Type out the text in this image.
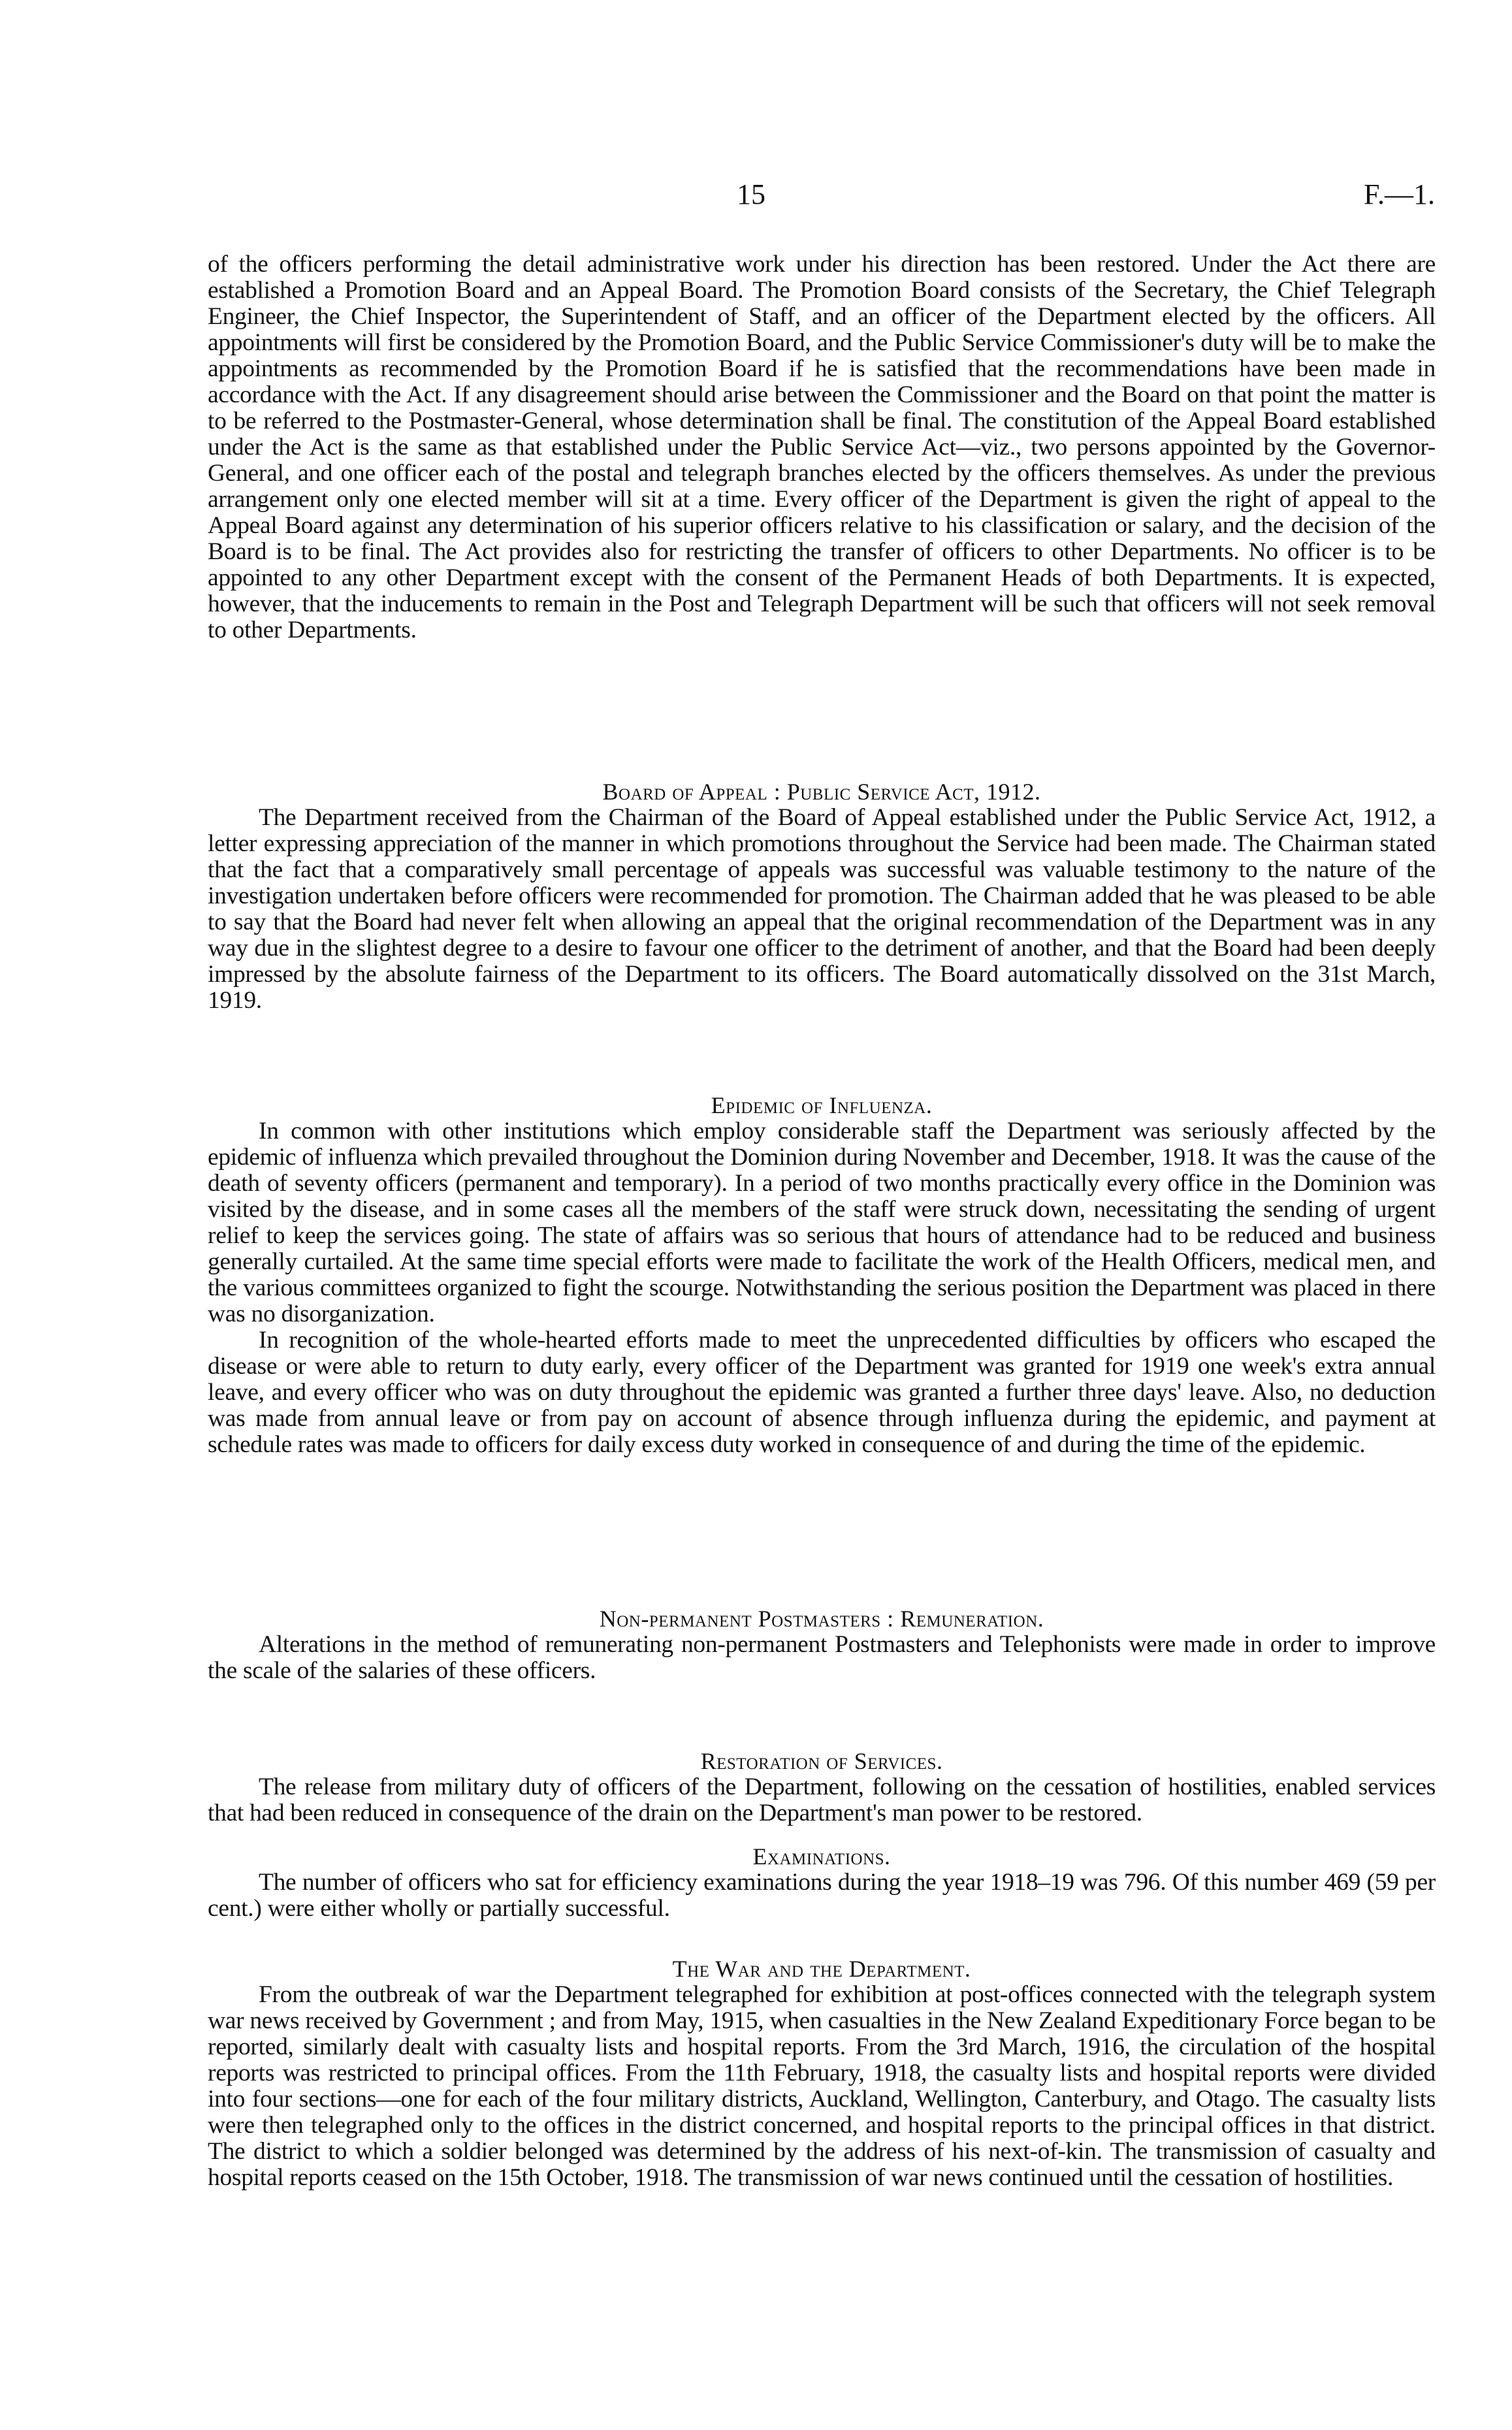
15	F.—1.

of the officers performing the detail administrative work under his direction has been restored. Under the Act there are established a Promotion Board and an Appeal Board. The Promotion Board consists of the Secretary, the Chief Telegraph Engineer, the Chief Inspector, the Superintendent of Staff, and an officer of the Department elected by the officers. All appointments will first be considered by the Promotion Board, and the Public Service Commissioner's duty will be to make the appointments as recommended by the Promotion Board if he is satisfied that the recommendations have been made in accordance with the Act. If any disagreement should arise between the Commissioner and the Board on that point the matter is to be referred to the Postmaster-General, whose determination shall be final. The constitution of the Appeal Board established under the Act is the same as that established under the Public Service Act—viz., two persons appointed by the Governor-General, and one officer each of the postal and telegraph branches elected by the officers themselves. As under the previous arrangement only one elected member will sit at a time. Every officer of the Department is given the right of appeal to the Appeal Board against any determination of his superior officers relative to his classification or salary, and the decision of the Board is to be final. The Act provides also for restricting the transfer of officers to other Departments. No officer is to be appointed to any other Department except with the consent of the Permanent Heads of both Departments. It is expected, however, that the inducements to remain in the Post and Telegraph Department will be such that officers will not seek removal to other Departments.

Board of Appeal : Public Service Act, 1912.

The Department received from the Chairman of the Board of Appeal established under the Public Service Act, 1912, a letter expressing appreciation of the manner in which promotions throughout the Service had been made. The Chairman stated that the fact that a comparatively small percentage of appeals was successful was valuable testimony to the nature of the investigation undertaken before officers were recommended for promotion. The Chairman added that he was pleased to be able to say that the Board had never felt when allowing an appeal that the original recommendation of the Department was in any way due in the slightest degree to a desire to favour one officer to the detriment of another, and that the Board had been deeply impressed by the absolute fairness of the Department to its officers. The Board automatically dissolved on the 31st March, 1919.

Epidemic of Influenza.

In common with other institutions which employ considerable staff the Department was seriously affected by the epidemic of influenza which prevailed throughout the Dominion during November and December, 1918. It was the cause of the death of seventy officers (permanent and temporary). In a period of two months practically every office in the Dominion was visited by the disease, and in some cases all the members of the staff were struck down, necessitating the sending of urgent relief to keep the services going. The state of affairs was so serious that hours of attendance had to be reduced and business generally curtailed. At the same time special efforts were made to facilitate the work of the Health Officers, medical men, and the various committees organized to fight the scourge. Notwithstanding the serious position the Department was placed in there was no disorganization.

In recognition of the whole-hearted efforts made to meet the unprecedented difficulties by officers who escaped the disease or were able to return to duty early, every officer of the Department was granted for 1919 one week's extra annual leave, and every officer who was on duty throughout the epidemic was granted a further three days' leave. Also, no deduction was made from annual leave or from pay on account of absence through influenza during the epidemic, and payment at schedule rates was made to officers for daily excess duty worked in consequence of and during the time of the epidemic.

Non-permanent Postmasters : Remuneration.

Alterations in the method of remunerating non-permanent Postmasters and Telephonists were made in order to improve the scale of the salaries of these officers.

Restoration of Services.

The release from military duty of officers of the Department, following on the cessation of hostilities, enabled services that had been reduced in consequence of the drain on the Department's man power to be restored.

Examinations.

The number of officers who sat for efficiency examinations during the year 1918–19 was 796. Of this number 469 (59 per cent.) were either wholly or partially successful.

The War and the Department.

From the outbreak of war the Department telegraphed for exhibition at post-offices connected with the telegraph system war news received by Government ; and from May, 1915, when casualties in the New Zealand Expeditionary Force began to be reported, similarly dealt with casualty lists and hospital reports. From the 3rd March, 1916, the circulation of the hospital reports was restricted to principal offices. From the 11th February, 1918, the casualty lists and hospital reports were divided into four sections—one for each of the four military districts, Auckland, Wellington, Canterbury, and Otago. The casualty lists were then telegraphed only to the offices in the district concerned, and hospital reports to the principal offices in that district. The district to which a soldier belonged was determined by the address of his next-of-kin. The transmission of casualty and hospital reports ceased on the 15th October, 1918. The transmission of war news continued until the cessation of hostilities.
